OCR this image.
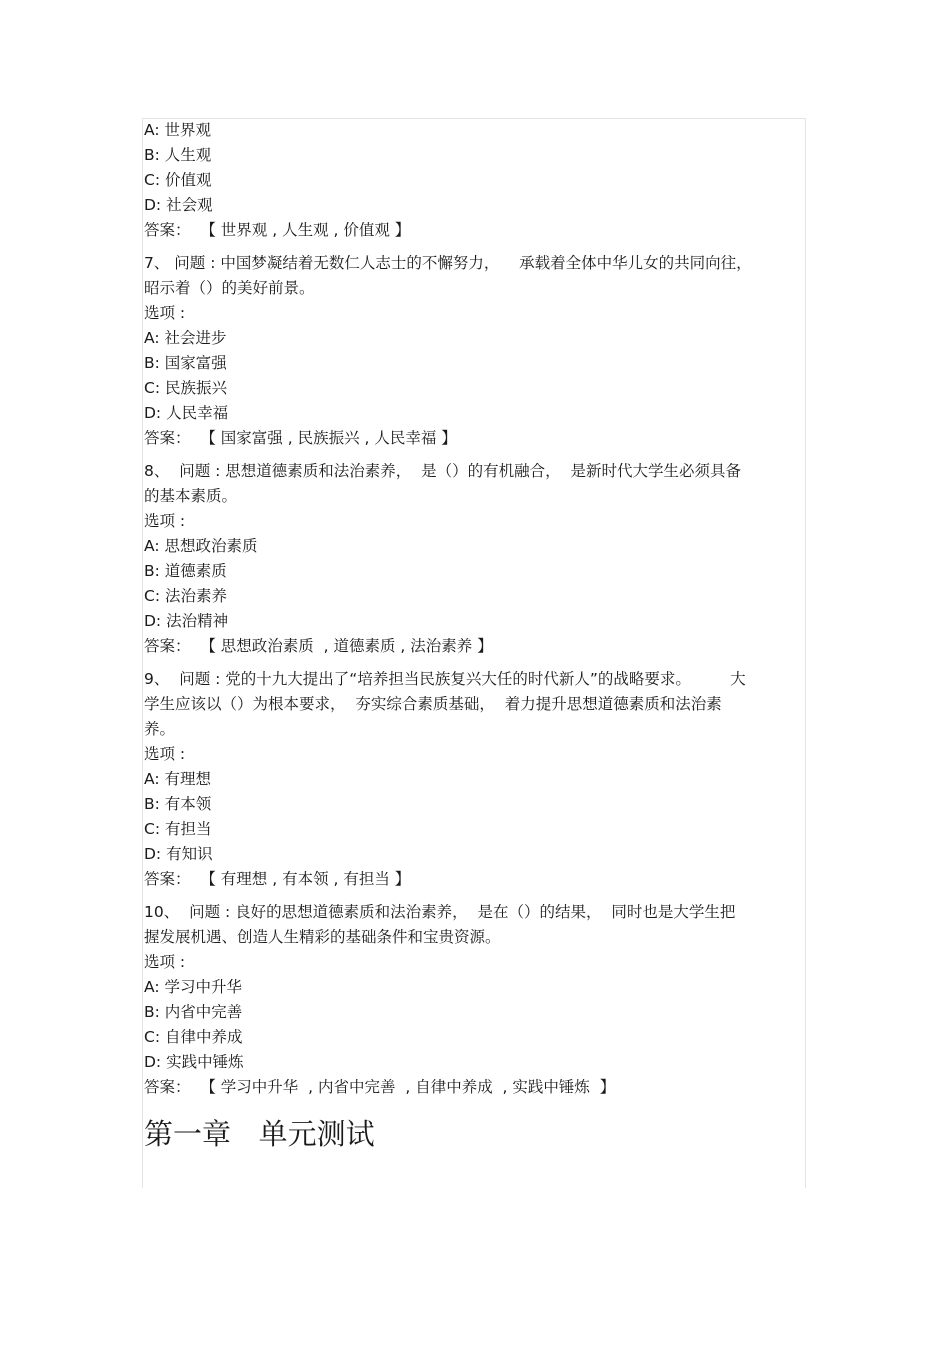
A: 世界观
B: 人生观
C: 价值观
D: 社会观
答案：  【 世界观 , 人生观 , 价值观 】
7、 问题 : 中国梦凝结着无数仁人志士的不懈努力，    承载着全体中华儿女的共同向往，
昭示着（）的美好前景。
选项 :
A: 社会进步
B: 国家富强
C: 民族振兴
D: 人民幸福
答案：  【 国家富强 , 民族振兴 , 人民幸福 】
8、  问题 : 思想道德素质和法治素养，  是（）的有机融合，  是新时代大学生必须具备
的基本素质。
选项 :
A: 思想政治素质
B: 道德素质
C: 法治素养
D: 法治精神
答案：  【 思想政治素质  , 道德素质 , 法治素养 】
9、  问题 : 党的十九大提出了“培养担当民族复兴大任的时代新人”的战略要求。        大
学生应该以（）为根本要求，  夯实综合素质基础，  着力提升思想道德素质和法治素
养。
选项 :
A: 有理想
B: 有本领
C: 有担当
D: 有知识
答案：  【 有理想 , 有本领 , 有担当 】
10、  问题 : 良好的思想道德素质和法治素养，  是在（）的结果，  同时也是大学生把
握发展机遇、创造人生精彩的基础条件和宝贵资源。
选项 :
A: 学习中升华
B: 内省中完善
C: 自律中养成
D: 实践中锤炼
答案：  【 学习中升华  , 内省中完善  , 自律中养成  , 实践中锤炼  】
第一章   单元测试
